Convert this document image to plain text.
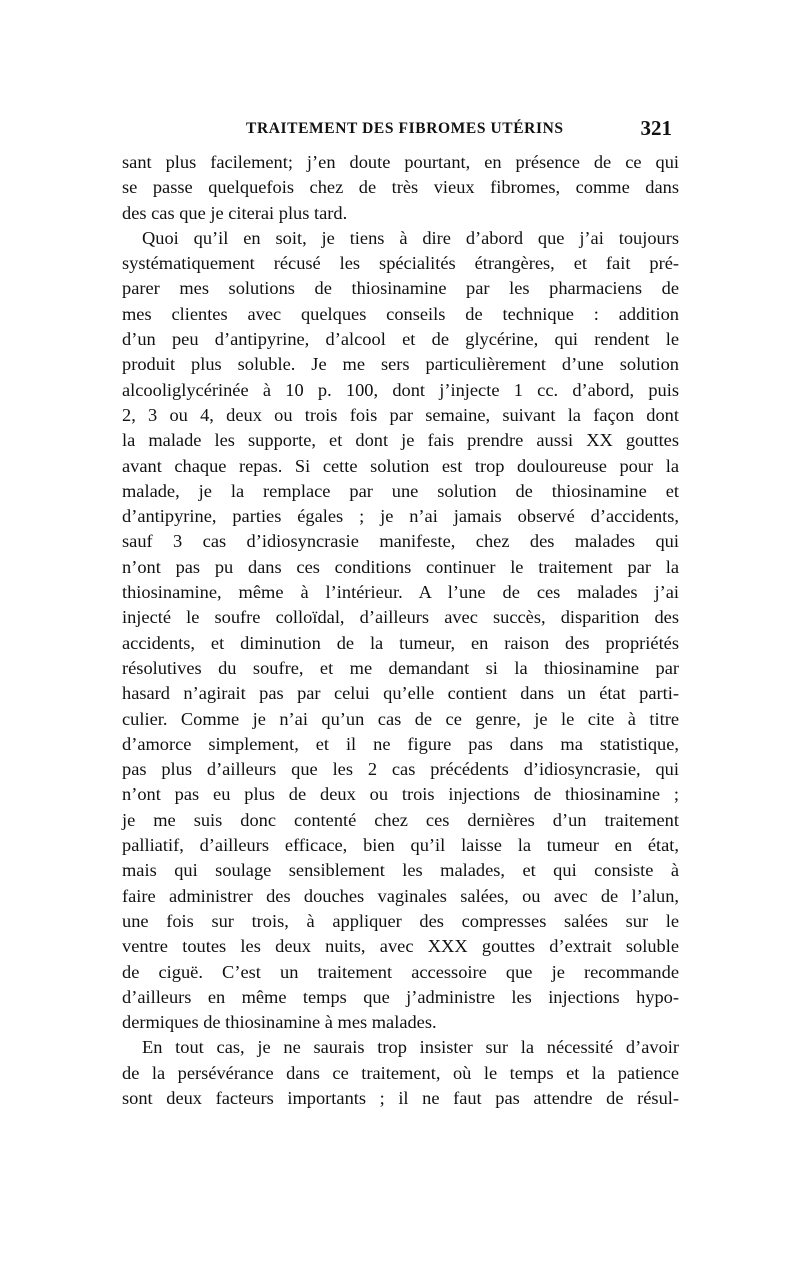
TRAITEMENT DES FIBROMES UTÉRINS	321
sant plus facilement; j’en doute pourtant, en présence de ce qui
se passe quelquefois chez de très vieux fibromes, comme dans
des cas que je citerai plus tard.
Quoi qu’il en soit, je tiens à dire d’abord que j’ai toujours
systématiquement récusé les spécialités étrangères, et fait pré-
parer mes solutions de thiosinamine par les pharmaciens de
mes clientes avec quelques conseils de technique : addition
d’un peu d’antipyrine, d’alcool et de glycérine, qui rendent le
produit plus soluble. Je me sers particulièrement d’une solution
alcooliglycérinée à 10 p. 100, dont j’injecte 1 cc. d’abord, puis
2, 3 ou 4, deux ou trois fois par semaine, suivant la façon dont
la malade les supporte, et dont je fais prendre aussi XX gouttes
avant chaque repas. Si cette solution est trop douloureuse pour la
malade, je la remplace par une solution de thiosinamine et
d’antipyrine, parties égales ; je n’ai jamais observé d’accidents,
sauf 3 cas d’idiosyncrasie manifeste, chez des malades qui
n’ont pas pu dans ces conditions continuer le traitement par la
thiosinamine, même à l’intérieur. A l’une de ces malades j’ai
injecté le soufre colloïdal, d’ailleurs avec succès, disparition des
accidents, et diminution de la tumeur, en raison des propriétés
résolutives du soufre, et me demandant si la thiosinamine par
hasard n’agirait pas par celui qu’elle contient dans un état parti-
culier. Comme je n’ai qu’un cas de ce genre, je le cite à titre
d’amorce simplement, et il ne figure pas dans ma statistique,
pas plus d’ailleurs que les 2 cas précédents d’idiosyncrasie, qui
n’ont pas eu plus de deux ou trois injections de thiosinamine ;
je me suis donc contenté chez ces dernières d’un traitement
palliatif, d’ailleurs efficace, bien qu’il laisse la tumeur en état,
mais qui soulage sensiblement les malades, et qui consiste à
faire administrer des douches vaginales salées, ou avec de l’alun,
une fois sur trois, à appliquer des compresses salées sur le
ventre toutes les deux nuits, avec XXX gouttes d’extrait soluble
de ciguë. C’est un traitement accessoire que je recommande
d’ailleurs en même temps que j’administre les injections hypo-
dermiques de thiosinamine à mes malades.
En tout cas, je ne saurais trop insister sur la nécessité d’avoir
de la persévérance dans ce traitement, où le temps et la patience
sont deux facteurs importants ; il ne faut pas attendre de résul-
